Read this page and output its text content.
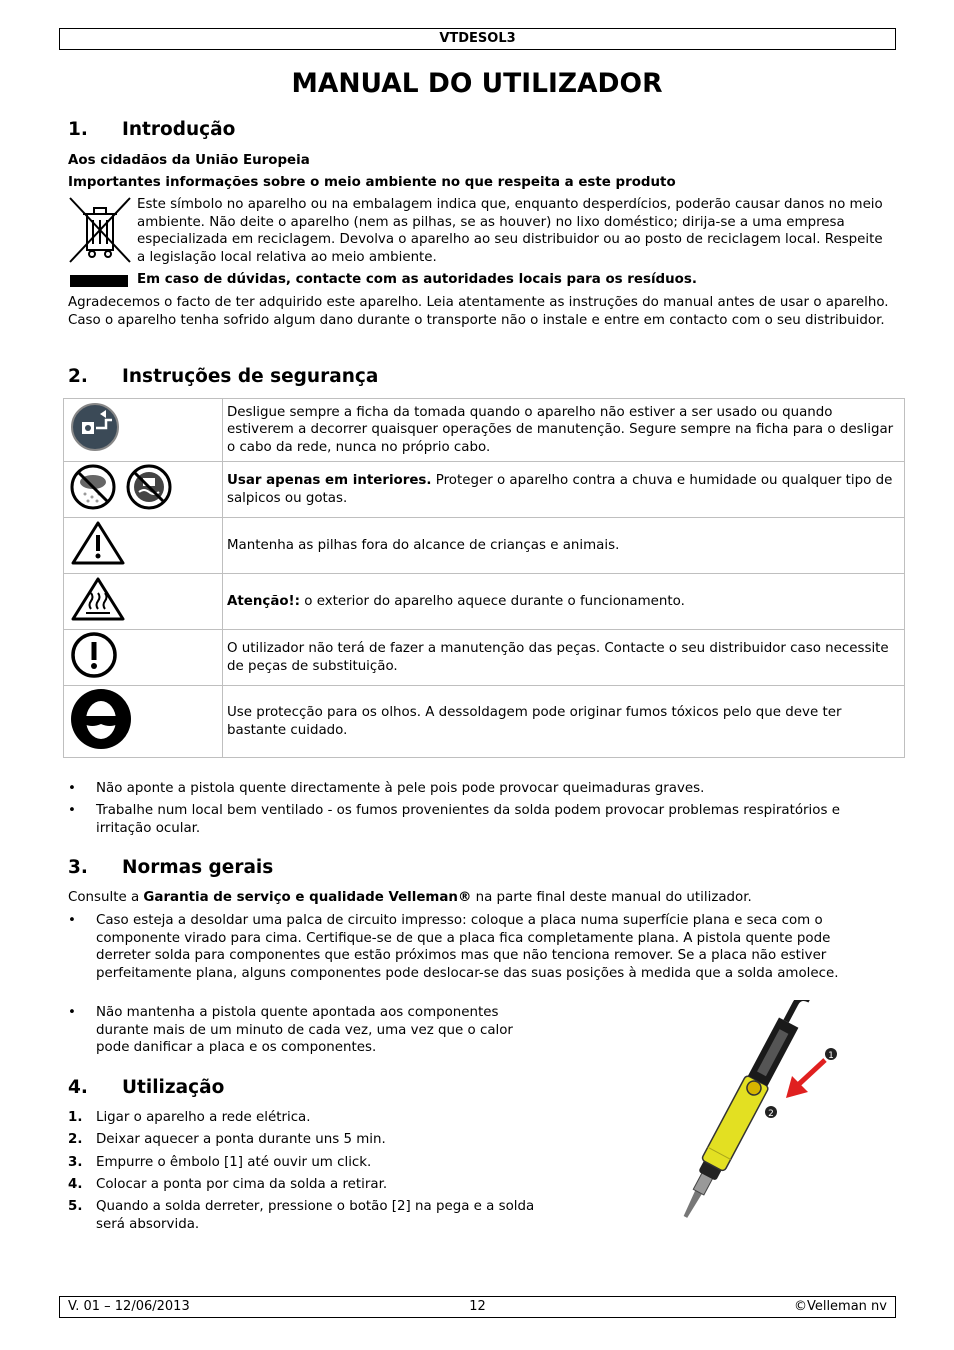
VTDESOL3
MANUAL DO UTILIZADOR
1. Introdução

Aos cidadãos da União Europeia

Importantes informações sobre o meio ambiente no que respeita a este produto

Este símbolo no aparelho ou na embalagem indica que, enquanto desperdícios, poderão causar danos no meio ambiente. Não deite o aparelho (nem as pilhas, se as houver) no lixo doméstico; dirija-se a uma empresa especializada em reciclagem. Devolva o aparelho ao seu distribuidor ou ao posto de reciclagem local. Respeite a legislação local relativa ao meio ambiente.

Em caso de dúvidas, contacte com as autoridades locais para os resíduos.

Agradecemos o facto de ter adquirido este aparelho. Leia atentamente as instruções do manual antes de usar o aparelho. Caso o aparelho tenha sofrido algum dano durante o transporte não o instale e entre em contacto com o seu distribuidor.

2. Instruções de segurança
	Desligue sempre a ficha da tomada quando o aparelho não estiver a ser usado ou quando estiverem a decorrer quaisquer operações de manutenção. Segure sempre na ficha para o desligar o cabo da rede, nunca no próprio cabo.
	Usar apenas em interiores. Proteger o aparelho contra a chuva e humidade ou qualquer tipo de salpicos ou gotas.
	Mantenha as pilhas fora do alcance de crianças e animais.
	Atenção!: o exterior do aparelho aquece durante o funcionamento.
	O utilizador não terá de fazer a manutenção das peças. Contacte o seu distribuidor caso necessite de peças de substituição.
	Use protecção para os olhos. A dessoldagem pode originar fumos tóxicos pelo que deve ter bastante cuidado.
• Não aponte a pistola quente directamente à pele pois pode provocar queimaduras graves.
• Trabalhe num local bem ventilado - os fumos provenientes da solda podem provocar problemas respiratórios e irritação ocular.
3. Normas gerais

Consulte a Garantia de serviço e qualidade Velleman® na parte final deste manual do utilizador.

• Caso esteja a desoldar uma palca de circuito impresso: coloque a placa numa superfície plana e seca com o componente virado para cima. Certifique-se de que a placa fica completamente plana. A pistola quente pode derreter solda para componentes que estão próximos mas que não tenciona remover. Se a placa não estiver perfeitamente plana, alguns componentes pode deslocar-se das suas posições à medida que a solda amolece.
• Não mantenha a pistola quente apontada aos componentes durante mais de um minuto de cada vez, uma vez que o calor pode danificar a placa e os componentes.
4. Utilização
1. Ligar o aparelho a rede elétrica.
2. Deixar aquecer a ponta durante uns 5 min.
3. Empurre o êmbolo [1] até ouvir um click.
4. Colocar a ponta por cima da solda a retirar.
5. Quando a solda derreter, pressione o botão [2] na pega e a solda será absorvida.
1
2
V. 01 – 12/06/2013	12	©Velleman nv
